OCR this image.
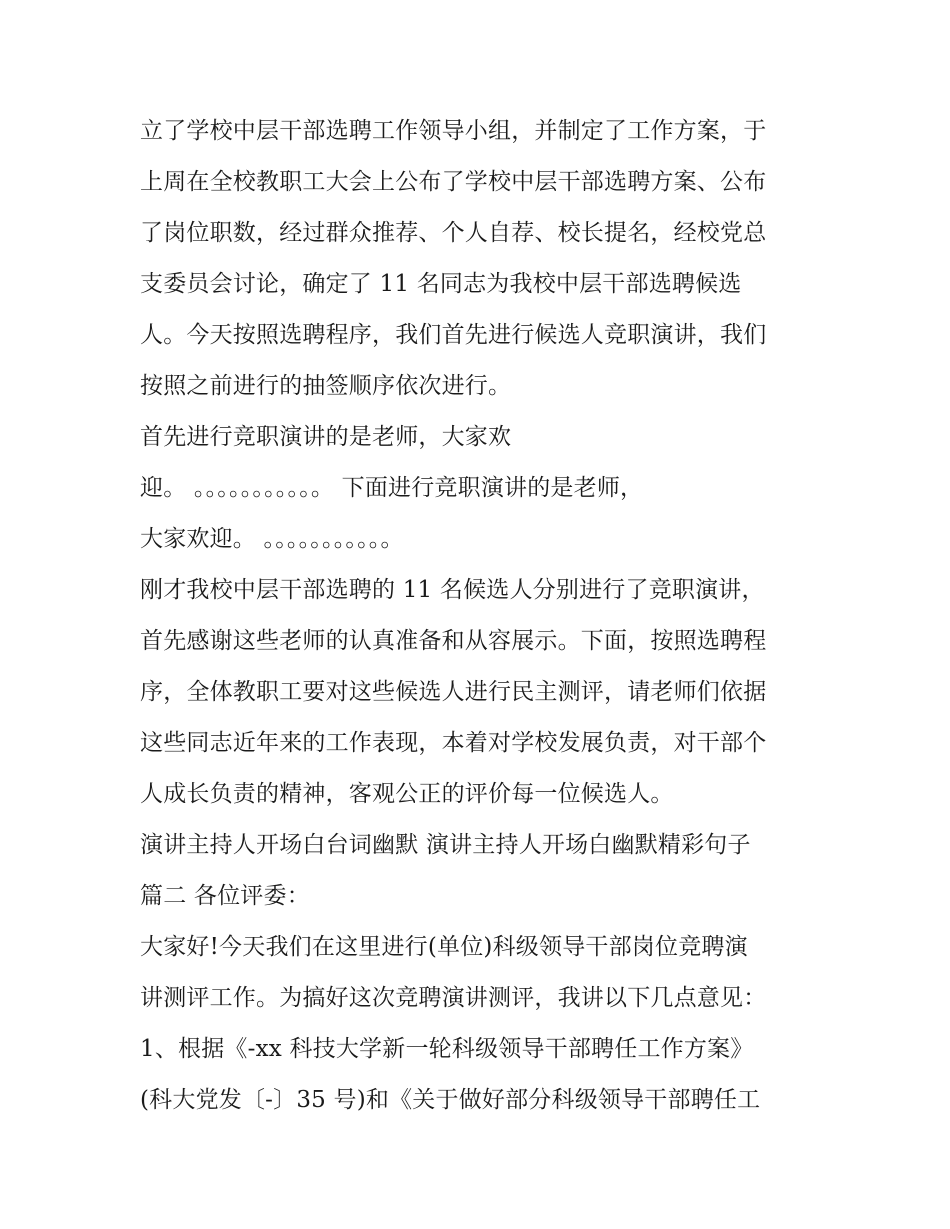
立了学校中层干部选聘工作领导小组，并制定了工作方案，于
上周在全校教职工大会上公布了学校中层干部选聘方案、公布
了岗位职数，经过群众推荐、个人自荐、校长提名，经校党总
支委员会讨论，确定了 11 名同志为我校中层干部选聘候选
人。今天按照选聘程序，我们首先进行候选人竞职演讲，我们
按照之前进行的抽签顺序依次进行。
首先进行竞职演讲的是老师，大家欢
迎。 。。。。。。。。。。。 下面进行竞职演讲的是老师，
大家欢迎。 。。。。。。。。。。。
刚才我校中层干部选聘的 11 名候选人分别进行了竞职演讲，
首先感谢这些老师的认真准备和从容展示。下面，按照选聘程
序，全体教职工要对这些候选人进行民主测评，请老师们依据
这些同志近年来的工作表现，本着对学校发展负责，对干部个
人成长负责的精神，客观公正的评价每一位候选人。
演讲主持人开场白台词幽默 演讲主持人开场白幽默精彩句子
篇二 各位评委：
大家好!今天我们在这里进行(单位)科级领导干部岗位竞聘演
讲测评工作。为搞好这次竞聘演讲测评，我讲以下几点意见：
1、根据《-xx 科技大学新一轮科级领导干部聘任工作方案》
(科大党发〔-〕35 号)和《关于做好部分科级领导干部聘任工
